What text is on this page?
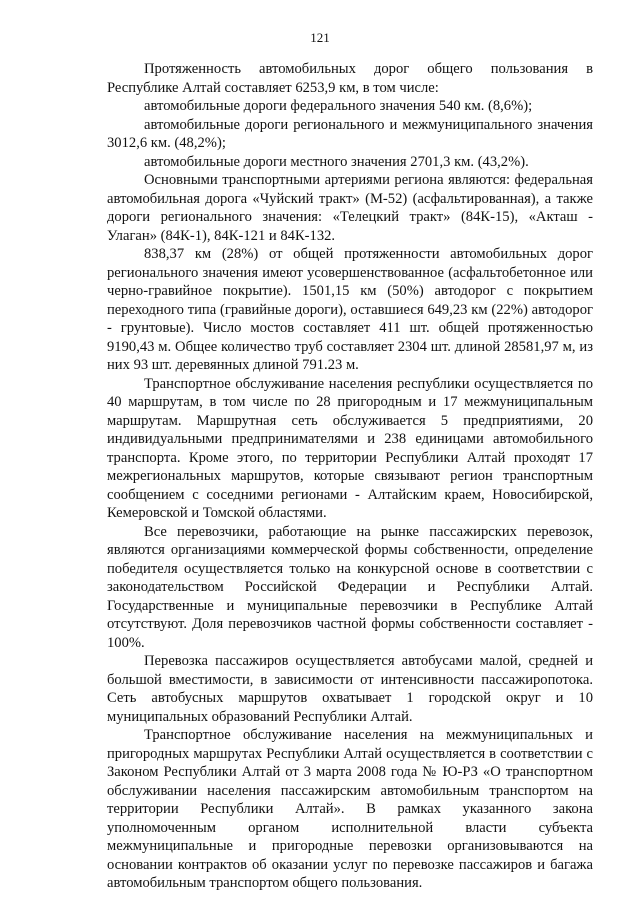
121

Протяженность автомобильных дорог общего пользования в Республике Алтай составляет 6253,9 км, в том числе:

автомобильные дороги федерального значения 540 км. (8,6%);

автомобильные дороги регионального и межмуниципального значения 3012,6 км. (48,2%);

автомобильные дороги местного значения 2701,3 км. (43,2%).

Основными транспортными артериями региона являются: федеральная автомобильная дорога «Чуйский тракт» (М-52) (асфальтированная), а также дороги регионального значения: «Телецкий тракт» (84К-15), «Акташ - Улаган» (84К-1), 84К-121 и 84К-132.

838,37 км (28%) от общей протяженности автомобильных дорог регионального значения имеют усовершенствованное (асфальтобетонное или черно-гравийное покрытие). 1501,15 км (50%) автодорог с покрытием переходного типа (гравийные дороги), оставшиеся 649,23 км (22%) автодорог - грунтовые). Число мостов составляет 411 шт. общей протяженностью 9190,43 м. Общее количество труб составляет 2304 шт. длиной 28581,97 м, из них 93 шт. деревянных длиной 791.23 м.

Транспортное обслуживание населения республики осуществляется по 40 маршрутам, в том числе по 28 пригородным и 17 межмуниципальным маршрутам. Маршрутная сеть обслуживается 5 предприятиями, 20 индивидуальными предпринимателями и 238 единицами автомобильного транспорта. Кроме этого, по территории Республики Алтай проходят 17 межрегиональных маршрутов, которые связывают регион транспортным сообщением с соседними регионами - Алтайским краем, Новосибирской, Кемеровской и Томской областями.

Все перевозчики, работающие на рынке пассажирских перевозок, являются организациями коммерческой формы собственности, определение победителя осуществляется только на конкурсной основе в соответствии с законодательством Российской Федерации и Республики Алтай. Государственные и муниципальные перевозчики в Республике Алтай отсутствуют. Доля перевозчиков частной формы собственности составляет - 100%.

Перевозка пассажиров осуществляется автобусами малой, средней и большой вместимости, в зависимости от интенсивности пассажиропотока. Сеть автобусных маршрутов охватывает 1 городской округ и 10 муниципальных образований Республики Алтай.

Транспортное обслуживание населения на межмуниципальных и пригородных маршрутах Республики Алтай осуществляется в соответствии с Законом Республики Алтай от 3 марта 2008 года № Ю-РЗ «О транспортном обслуживании населения пассажирским автомобильным транспортом на территории Республики Алтай». В рамках указанного закона уполномоченным органом исполнительной власти субъекта межмуниципальные и пригородные перевозки организовываются на основании контрактов об оказании услуг по перевозке пассажиров и багажа автомобильным транспортом общего пользования.
